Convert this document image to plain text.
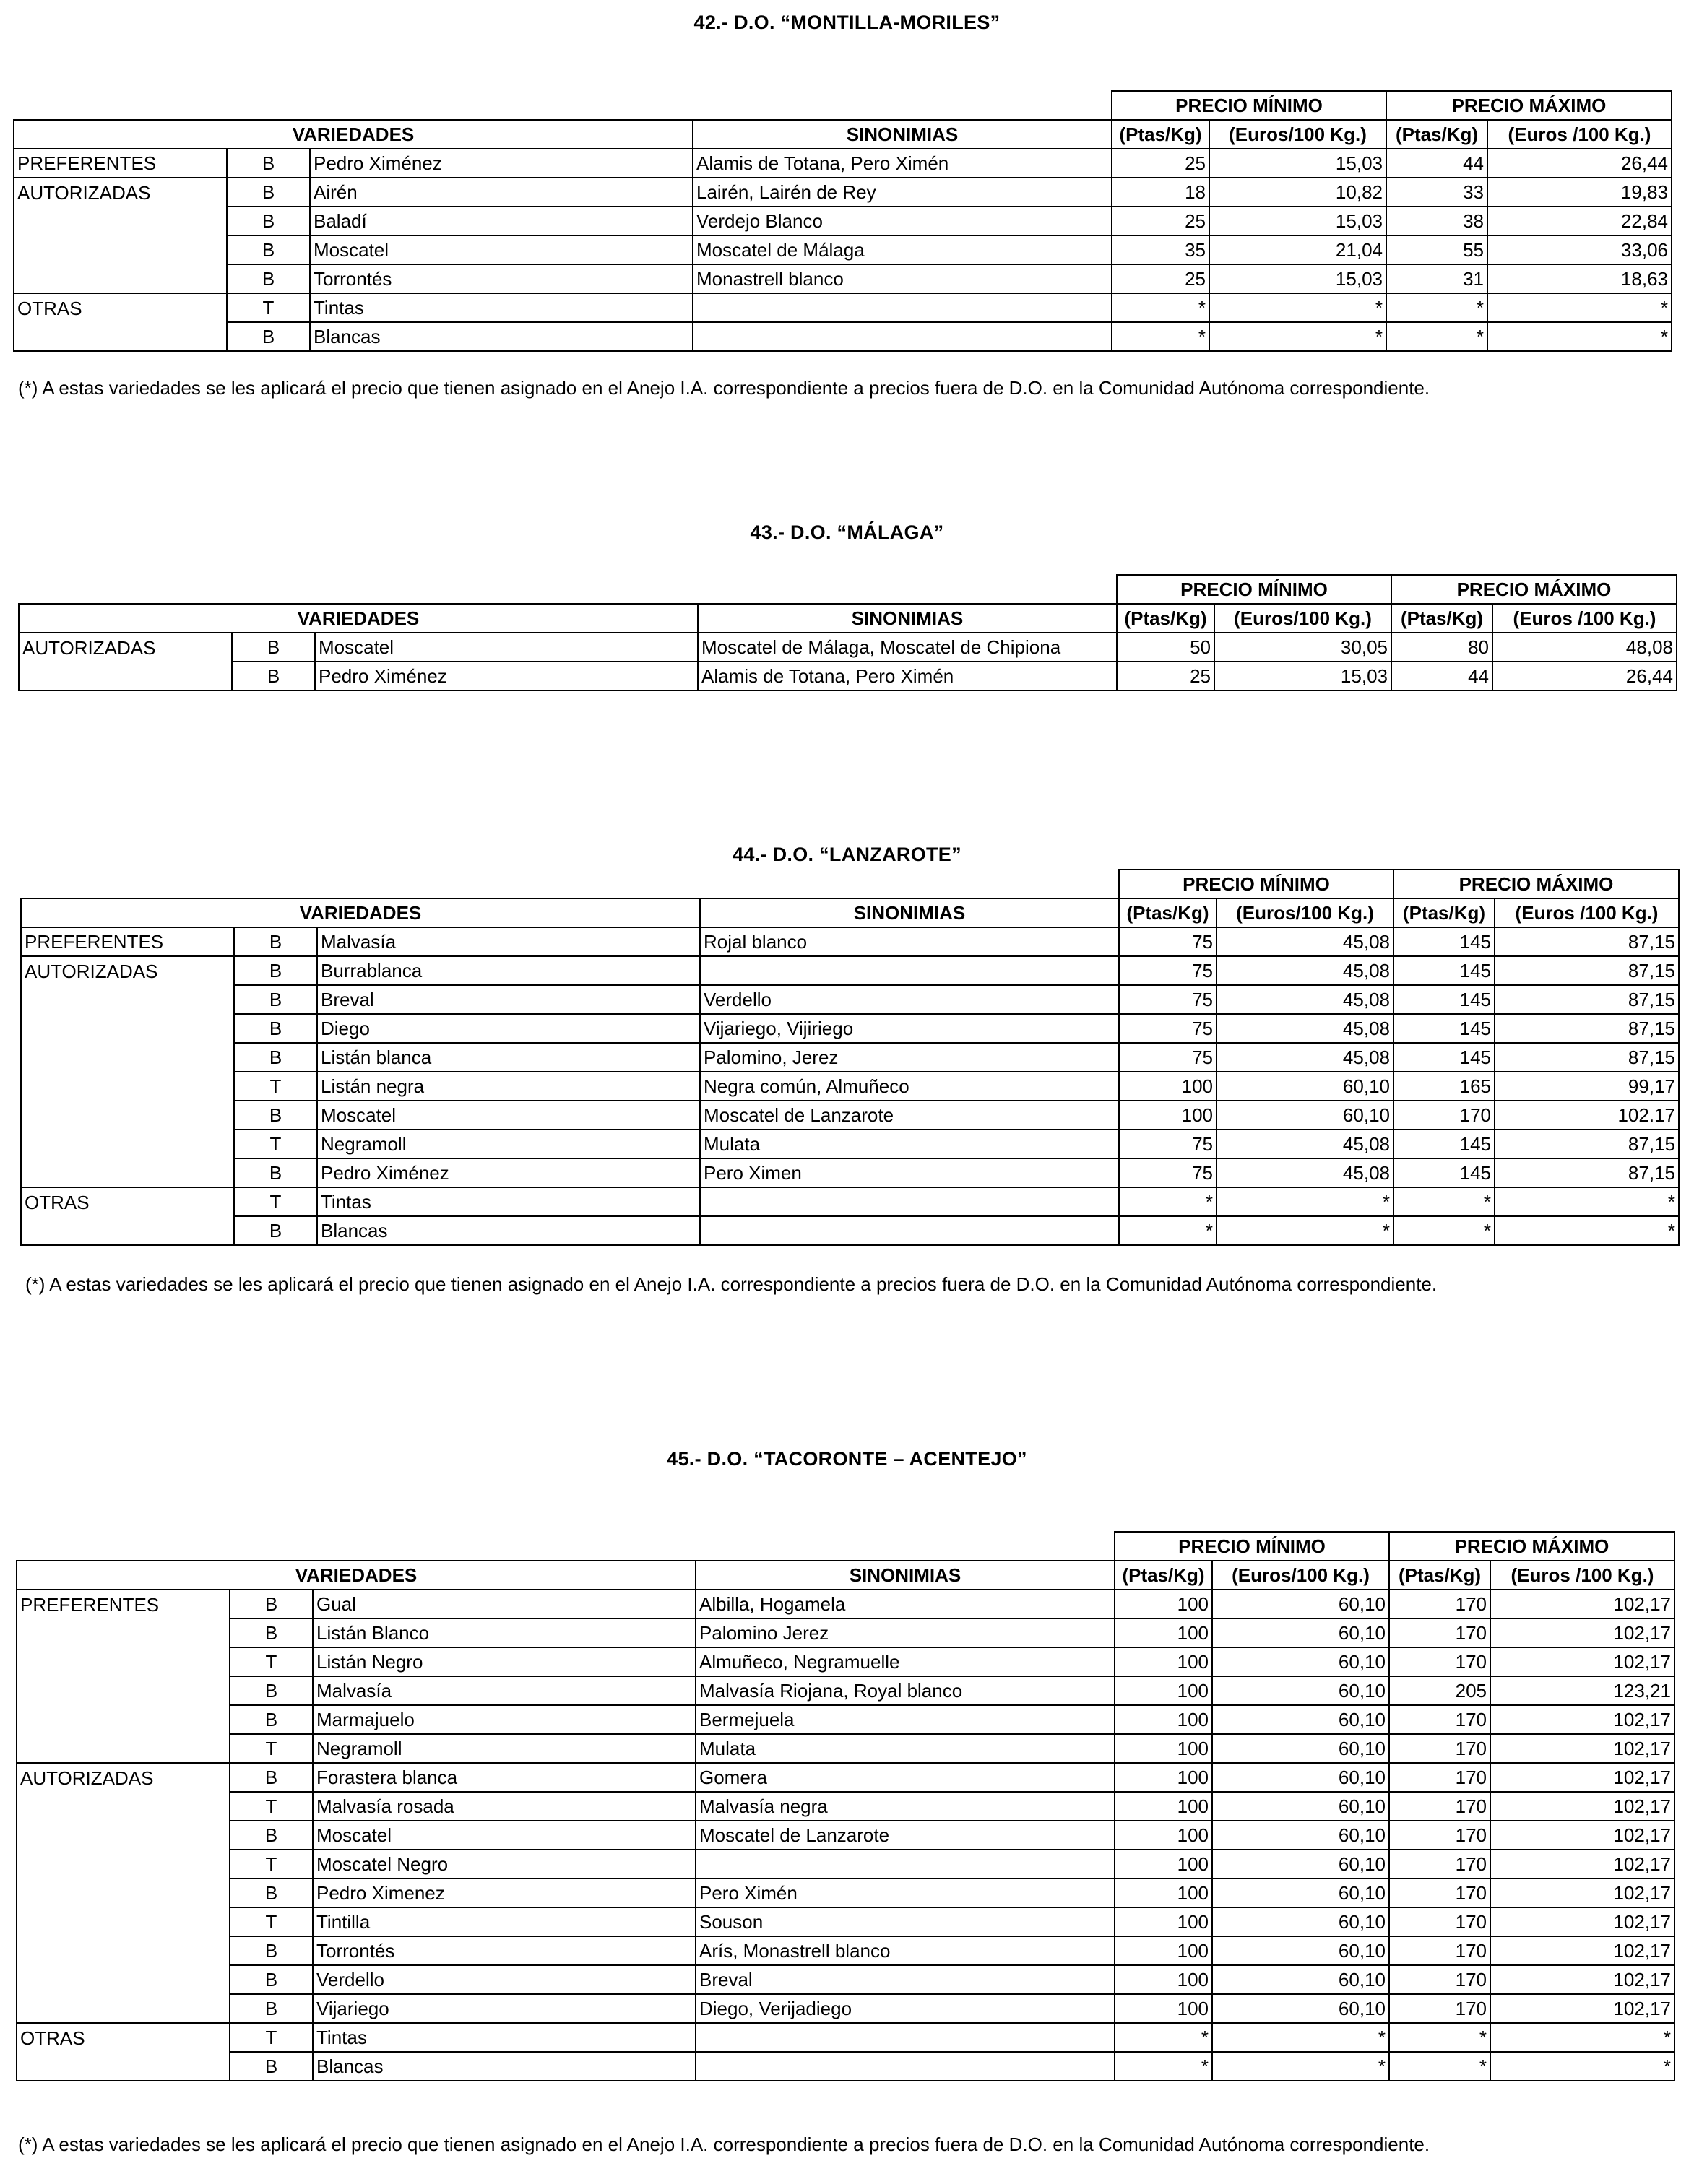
42.- D.O. “MONTILLA-MORILES”
				PRECIO MÍNIMO		PRECIO MÁXIMO	
VARIEDADES			SINONIMIAS	(Ptas/Kg)	(Euros/100 Kg.)	(Ptas/Kg)	(Euros /100 Kg.)
PREFERENTES	B	Pedro Ximénez	Alamis de Totana, Pero Ximén	25	15,03	44	26,44
AUTORIZADAS	B	Airén	Lairén, Lairén de Rey	18	10,82	33	19,83
	B	Baladí	Verdejo Blanco	25	15,03	38	22,84
	B	Moscatel	Moscatel de Málaga	35	21,04	55	33,06
	B	Torrontés	Monastrell blanco	25	15,03	31	18,63
OTRAS	T	Tintas		*	*	*	*
	B	Blancas		*	*	*	*
(*) A estas variedades se les aplicará el precio que tienen asignado en el Anejo I.A. correspondiente a precios fuera de D.O. en la Comunidad Autónoma correspondiente.
43.- D.O. “MÁLAGA”
				PRECIO MÍNIMO		PRECIO MÁXIMO	
VARIEDADES			SINONIMIAS	(Ptas/Kg)	(Euros/100 Kg.)	(Ptas/Kg)	(Euros /100 Kg.)
AUTORIZADAS	B	Moscatel	Moscatel de Málaga, Moscatel de Chipiona	50	30,05	80	48,08
	B	Pedro Ximénez	Alamis de Totana, Pero Ximén	25	15,03	44	26,44
44.- D.O. “LANZAROTE”
				PRECIO MÍNIMO		PRECIO MÁXIMO	
VARIEDADES			SINONIMIAS	(Ptas/Kg)	(Euros/100 Kg.)	(Ptas/Kg)	(Euros /100 Kg.)
PREFERENTES	B	Malvasía	Rojal blanco	75	45,08	145	87,15
AUTORIZADAS	B	Burrablanca		75	45,08	145	87,15
	B	Breval	Verdello	75	45,08	145	87,15
	B	Diego	Vijariego, Vijiriego	75	45,08	145	87,15
	B	Listán blanca	Palomino, Jerez	75	45,08	145	87,15
	T	Listán negra	Negra común, Almuñeco	100	60,10	165	99,17
	B	Moscatel	Moscatel de Lanzarote	100	60,10	170	102.17
	T	Negramoll	Mulata	75	45,08	145	87,15
	B	Pedro Ximénez	Pero Ximen	75	45,08	145	87,15
OTRAS	T	Tintas		*	*	*	*
	B	Blancas		*	*	*	*
(*) A estas variedades se les aplicará el precio que tienen asignado en el Anejo I.A. correspondiente a precios fuera de D.O. en la Comunidad Autónoma correspondiente.
45.- D.O. “TACORONTE – ACENTEJO”
				PRECIO MÍNIMO		PRECIO MÁXIMO	
VARIEDADES			SINONIMIAS	(Ptas/Kg)	(Euros/100 Kg.)	(Ptas/Kg)	(Euros /100 Kg.)
PREFERENTES	B	Gual	Albilla, Hogamela	100	60,10	170	102,17
	B	Listán Blanco	Palomino Jerez	100	60,10	170	102,17
	T	Listán Negro	Almuñeco, Negramuelle	100	60,10	170	102,17
	B	Malvasía	Malvasía Riojana, Royal blanco	100	60,10	205	123,21
	B	Marmajuelo	Bermejuela	100	60,10	170	102,17
	T	Negramoll	Mulata	100	60,10	170	102,17
AUTORIZADAS	B	Forastera blanca	Gomera	100	60,10	170	102,17
	T	Malvasía rosada	Malvasía negra	100	60,10	170	102,17
	B	Moscatel	Moscatel de Lanzarote	100	60,10	170	102,17
	T	Moscatel Negro		100	60,10	170	102,17
	B	Pedro Ximenez	Pero Ximén	100	60,10	170	102,17
	T	Tintilla	Souson	100	60,10	170	102,17
	B	Torrontés	Arís, Monastrell blanco	100	60,10	170	102,17
	B	Verdello	Breval	100	60,10	170	102,17
	B	Vijariego	Diego, Verijadiego	100	60,10	170	102,17
OTRAS	T	Tintas		*	*	*	*
	B	Blancas		*	*	*	*
(*) A estas variedades se les aplicará el precio que tienen asignado en el Anejo I.A. correspondiente a precios fuera de D.O. en la Comunidad Autónoma correspondiente.
